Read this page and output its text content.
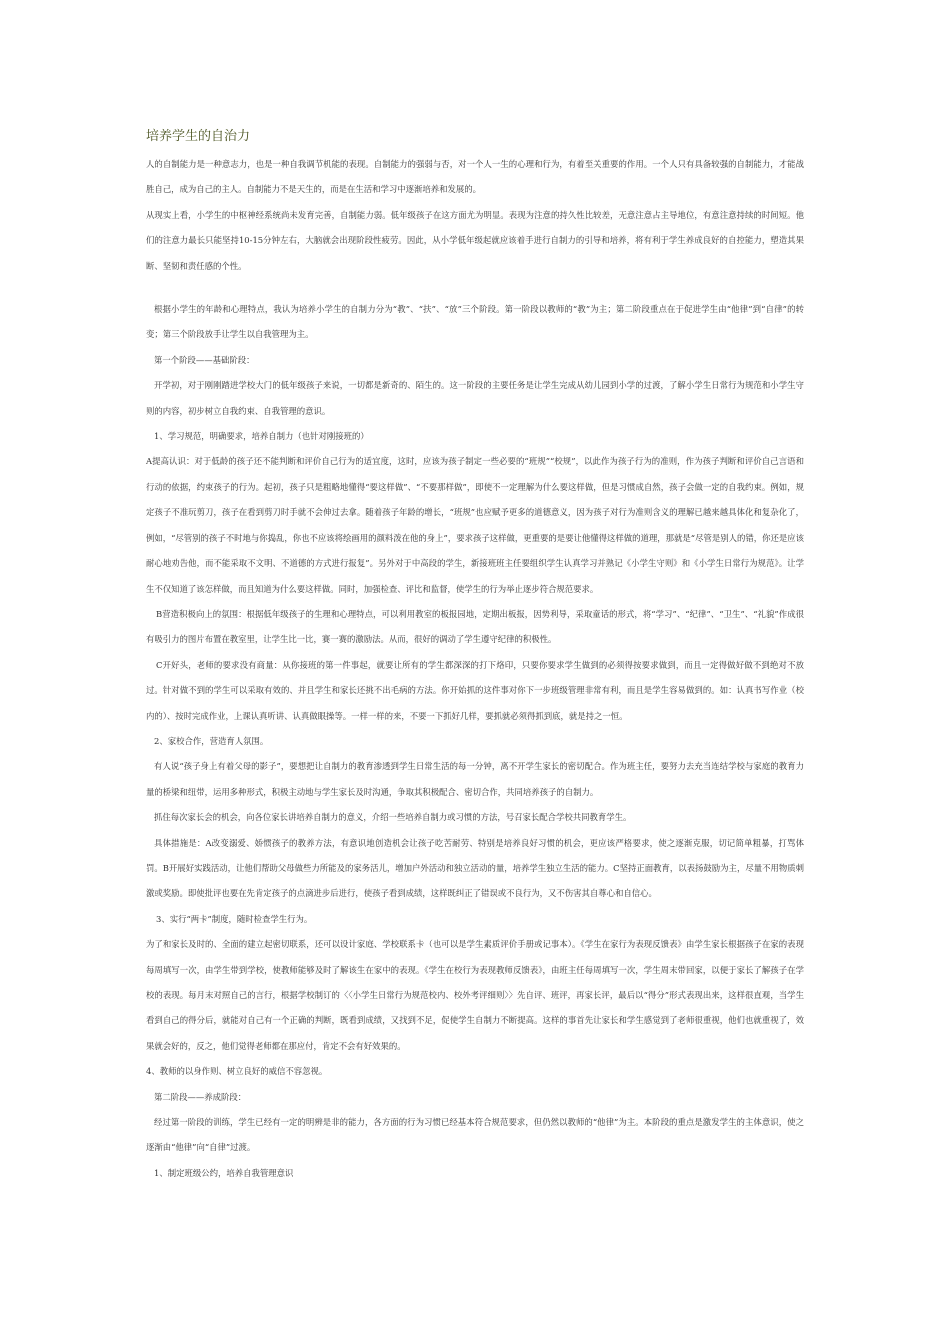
培养学生的自治力

人的自制能力是一种意志力，也是一种自我调节机能的表现。自制能力的强弱与否，对一个人一生的心理和行为，有着至关重要的作用。一个人只有具备较强的自制能力，才能战胜自己，成为自己的主人。自制能力不是天生的，而是在生活和学习中逐渐培养和发展的。

从现实上看，小学生的中枢神经系统尚未发育完善，自制能力弱。低年级孩子在这方面尤为明显。表现为注意的持久性比较差，无意注意占主导地位，有意注意持续的时间短。他们的注意力最长只能坚持10-15分钟左右，大脑就会出现阶段性疲劳。因此，从小学低年级起就应该着手进行自制力的引导和培养，将有利于学生养成良好的自控能力，塑造其果断、坚韧和责任感的个性。

根据小学生的年龄和心理特点，我认为培养小学生的自制力分为“教”、“扶”、“放”三个阶段。第一阶段以教师的“教”为主；第二阶段重点在于促进学生由“他律”到“自律”的转变；第三个阶段放手让学生以自我管理为主。

第一个阶段——基础阶段：

开学初，对于刚刚踏进学校大门的低年级孩子来说，一切都是新奇的、陌生的。这一阶段的主要任务是让学生完成从幼儿园到小学的过渡，了解小学生日常行为规范和小学生守则的内容，初步树立自我约束、自我管理的意识。

1、学习规范，明确要求，培养自制力（也针对刚接班的）

A提高认识：对于低龄的孩子还不能判断和评价自己行为的适宜度，这时，应该为孩子制定一些必要的“班规”“校规”，以此作为孩子行为的准则，作为孩子判断和评价自己言语和行动的依据，约束孩子的行为。起初，孩子只是粗略地懂得“要这样做”、“不要那样做”，即使不一定理解为什么要这样做，但是习惯成自然，孩子会做一定的自我约束。例如，规定孩子不准玩剪刀，孩子在看到剪刀时手就不会伸过去拿。随着孩子年龄的增长，“班规”也应赋予更多的道德意义，因为孩子对行为准则含义的理解已越来越具体化和复杂化了，例如，“尽管别的孩子不时地与你捣乱，你也不应该将绘画用的颜料泼在他的身上”，要求孩子这样做，更重要的是要让他懂得这样做的道理，那就是“尽管是别人的错，你还是应该耐心地劝告他，而不能采取不文明、不道德的方式进行报复”。另外对于中高段的学生，新接班班主任要组织学生认真学习并熟记《小学生守则》和《小学生日常行为规范》。让学生不仅知道了该怎样做，而且知道为什么要这样做。同时，加强检查、评比和监督，使学生的行为举止逐步符合规范要求。

B营造积极向上的氛围：根据低年级孩子的生理和心理特点，可以利用教室的板报园地，定期出板报，因势利导，采取童话的形式，将“学习”、“纪律”、“卫生”、“礼貌”作成很有吸引力的图片布置在教室里，让学生比一比，赛一赛的激励法。从而，很好的调动了学生遵守纪律的积极性。

C开好头，老师的要求没有商量：从你接班的第一件事起，就要让所有的学生都深深的打下烙印，只要你要求学生做到的必须得按要求做到，而且一定得做好做不到绝对不放过。针对做不到的学生可以采取有效的、并且学生和家长还挑不出毛病的方法。你开始抓的这件事对你下一步班级管理非常有利，而且是学生容易做到的。如：认真书写作业（校内的）、按时完成作业，上课认真听讲、认真做眼操等。一样一样的来，不要一下抓好几样，要抓就必须得抓到底，就是持之一恒。

2、家校合作，营造育人氛围。

有人说“孩子身上有着父母的影子”，要想把让自制力的教育渗透到学生日常生活的每一分钟，离不开学生家长的密切配合。作为班主任，要努力去充当连结学校与家庭的教育力量的桥梁和纽带，运用多种形式，积极主动地与学生家长及时沟通，争取其积极配合、密切合作，共同培养孩子的自制力。

抓住每次家长会的机会，向各位家长讲培养自制力的意义，介绍一些培养自制力或习惯的方法，号召家长配合学校共同教育学生。

具体措施是：A改变溺爱、娇惯孩子的教养方法，有意识地创造机会让孩子吃苦耐劳、特别是培养良好习惯的机会，更应该严格要求，使之逐渐克服，切记简单粗暴，打骂体罚。B开展好实践活动，让他们帮助父母做些力所能及的家务活儿，增加户外活动和独立活动的量，培养学生独立生活的能力。C坚持正面教育，以表扬鼓励为主，尽量不用物质刺激或奖励。即使批评也要在先肯定孩子的点滴进步后进行，使孩子看到成绩，这样既纠正了错误或不良行为，又不伤害其自尊心和自信心。

3、实行“两卡”制度，随时检查学生行为。

为了和家长及时的、全面的建立起密切联系，还可以设计家庭、学校联系卡（也可以是学生素质评价手册或记事本）。《学生在家行为表现反馈表》由学生家长根据孩子在家的表现每周填写一次，由学生带到学校，使教师能够及时了解该生在家中的表现。《学生在校行为表现教师反馈表》，由班主任每周填写一次，学生周末带回家，以便于家长了解孩子在学校的表现。每月末对照自己的言行，根据学校制订的〈〈小学生日常行为规范校内、校外考评细则〉〉先自评、班评，再家长评，最后以“得分”形式表现出来，这样很直观，当学生看到自己的得分后，就能对自己有一个正确的判断，既看到成绩，又找到不足，促使学生自制力不断提高。这样的事首先让家长和学生感觉到了老师很重视，他们也就重视了，效果就会好的，反之，他们觉得老师都在那应付，肯定不会有好效果的。

4、教师的以身作则、树立良好的威信不容忽视。

第二阶段——养成阶段：

经过第一阶段的训练，学生已经有一定的明辨是非的能力，各方面的行为习惯已经基本符合规范要求，但仍然以教师的“他律”为主。本阶段的重点是激发学生的主体意识，使之逐渐由“他律”向“自律”过渡。

1、制定班级公约，培养自我管理意识
